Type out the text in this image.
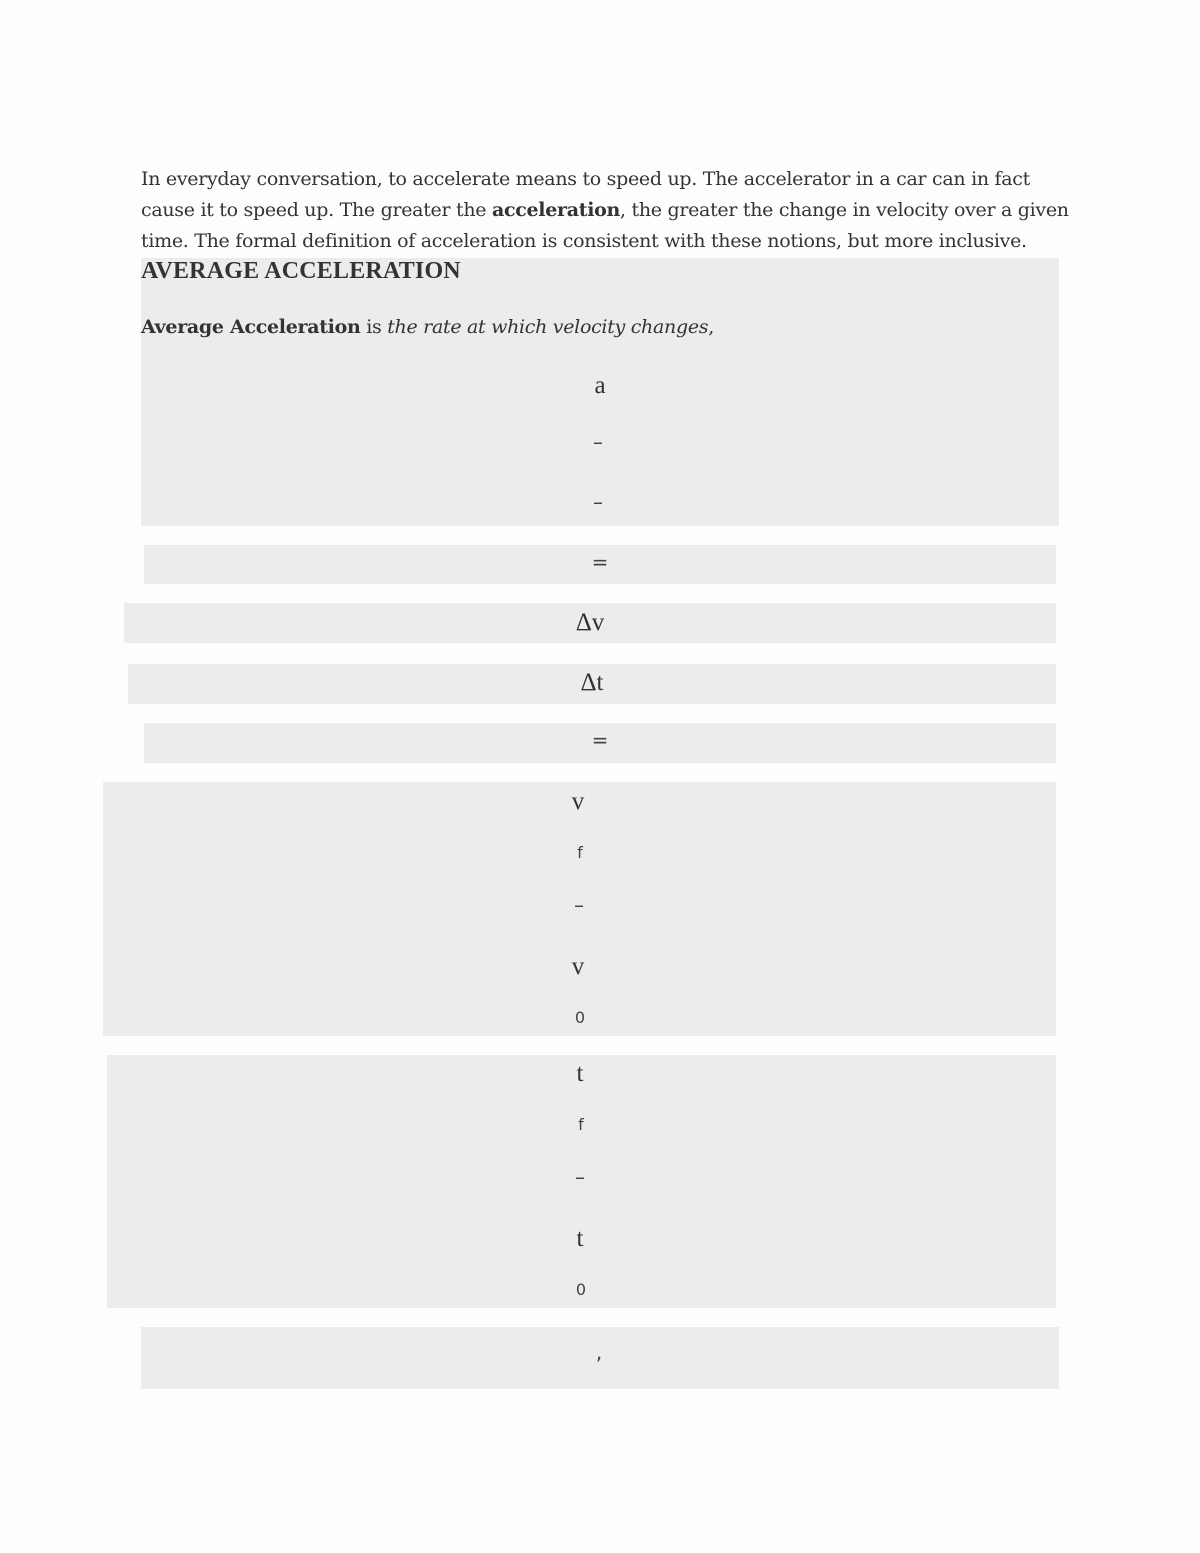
In everyday conversation, to accelerate means to speed up. The accelerator in a car can in fact cause it to speed up. The greater the acceleration, the greater the change in velocity over a given time. The formal definition of acceleration is consistent with these notions, but more inclusive.
AVERAGE ACCELERATION
Average Acceleration is the rate at which velocity changes,
a
–
–
=
Δv
Δt
=
v
f
–
v
0
t
f
–
t
0
,
